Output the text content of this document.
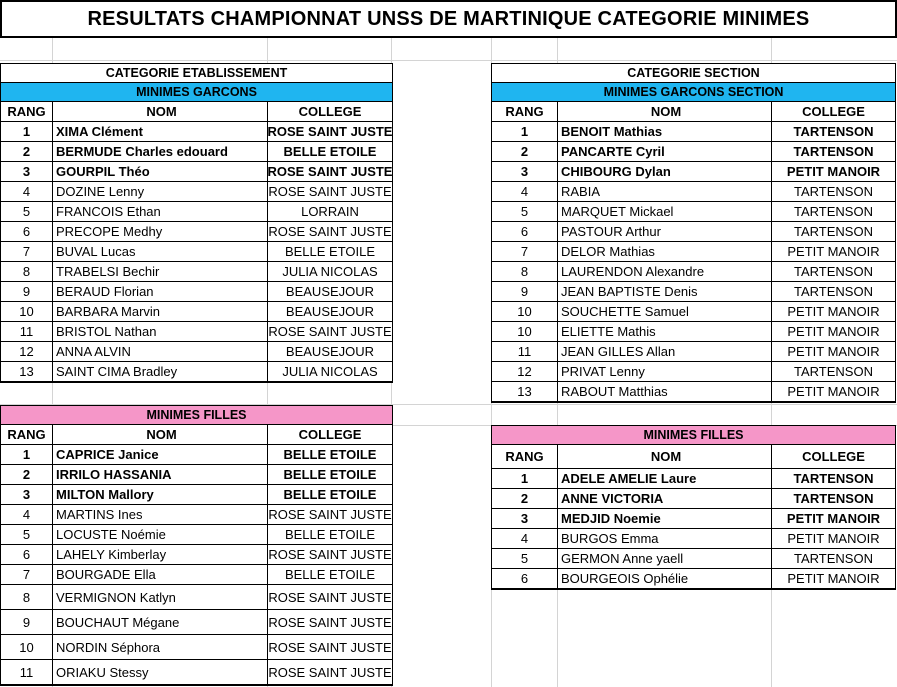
RESULTATS CHAMPIONNAT UNSS DE MARTINIQUE CATEGORIE MINIMES
CATEGORIE ETABLISSEMENT
MINIMES GARCONS
RANG	NOM	COLLEGE
1	XIMA Clément	ROSE SAINT JUSTE
2	BERMUDE Charles edouard	BELLE ETOILE
3	GOURPIL Théo	ROSE SAINT JUSTE
4	DOZINE Lenny	ROSE SAINT JUSTE
5	FRANCOIS Ethan	LORRAIN
6	PRECOPE Medhy	ROSE SAINT JUSTE
7	BUVAL Lucas	BELLE ETOILE
8	TRABELSI Bechir	JULIA NICOLAS
9	BERAUD Florian	BEAUSEJOUR
10	BARBARA Marvin	BEAUSEJOUR
11	BRISTOL Nathan	ROSE SAINT JUSTE
12	ANNA ALVIN	BEAUSEJOUR
13	SAINT CIMA Bradley	JULIA NICOLAS
MINIMES FILLES
RANG	NOM	COLLEGE
1	CAPRICE Janice	BELLE ETOILE
2	IRRILO HASSANIA	BELLE ETOILE
3	MILTON Mallory	BELLE ETOILE
4	MARTINS Ines	ROSE SAINT JUSTE
5	LOCUSTE Noémie	BELLE ETOILE
6	LAHELY Kimberlay	ROSE SAINT JUSTE
7	BOURGADE Ella	BELLE ETOILE
8	VERMIGNON Katlyn	ROSE SAINT JUSTE
9	BOUCHAUT Mégane	ROSE SAINT JUSTE
10	NORDIN Séphora	ROSE SAINT JUSTE
11	ORIAKU Stessy	ROSE SAINT JUSTE
CATEGORIE SECTION
MINIMES GARCONS SECTION
RANG	NOM	COLLEGE
1	BENOIT Mathias	TARTENSON
2	PANCARTE Cyril	TARTENSON
3	CHIBOURG Dylan	PETIT MANOIR
4	RABIA	TARTENSON
5	MARQUET Mickael	TARTENSON
6	PASTOUR Arthur	TARTENSON
7	DELOR Mathias	PETIT MANOIR
8	LAURENDON Alexandre	TARTENSON
9	JEAN BAPTISTE Denis	TARTENSON
10	SOUCHETTE Samuel	PETIT MANOIR
10	ELIETTE Mathis	PETIT MANOIR
11	JEAN GILLES Allan	PETIT MANOIR
12	PRIVAT Lenny	TARTENSON
13	RABOUT Matthias	PETIT MANOIR
MINIMES FILLES
RANG	NOM	COLLEGE
1	ADELE AMELIE Laure	TARTENSON
2	ANNE VICTORIA	TARTENSON
3	MEDJID Noemie	PETIT MANOIR
4	BURGOS Emma	PETIT MANOIR
5	GERMON Anne yaell	TARTENSON
6	BOURGEOIS Ophélie	PETIT MANOIR
